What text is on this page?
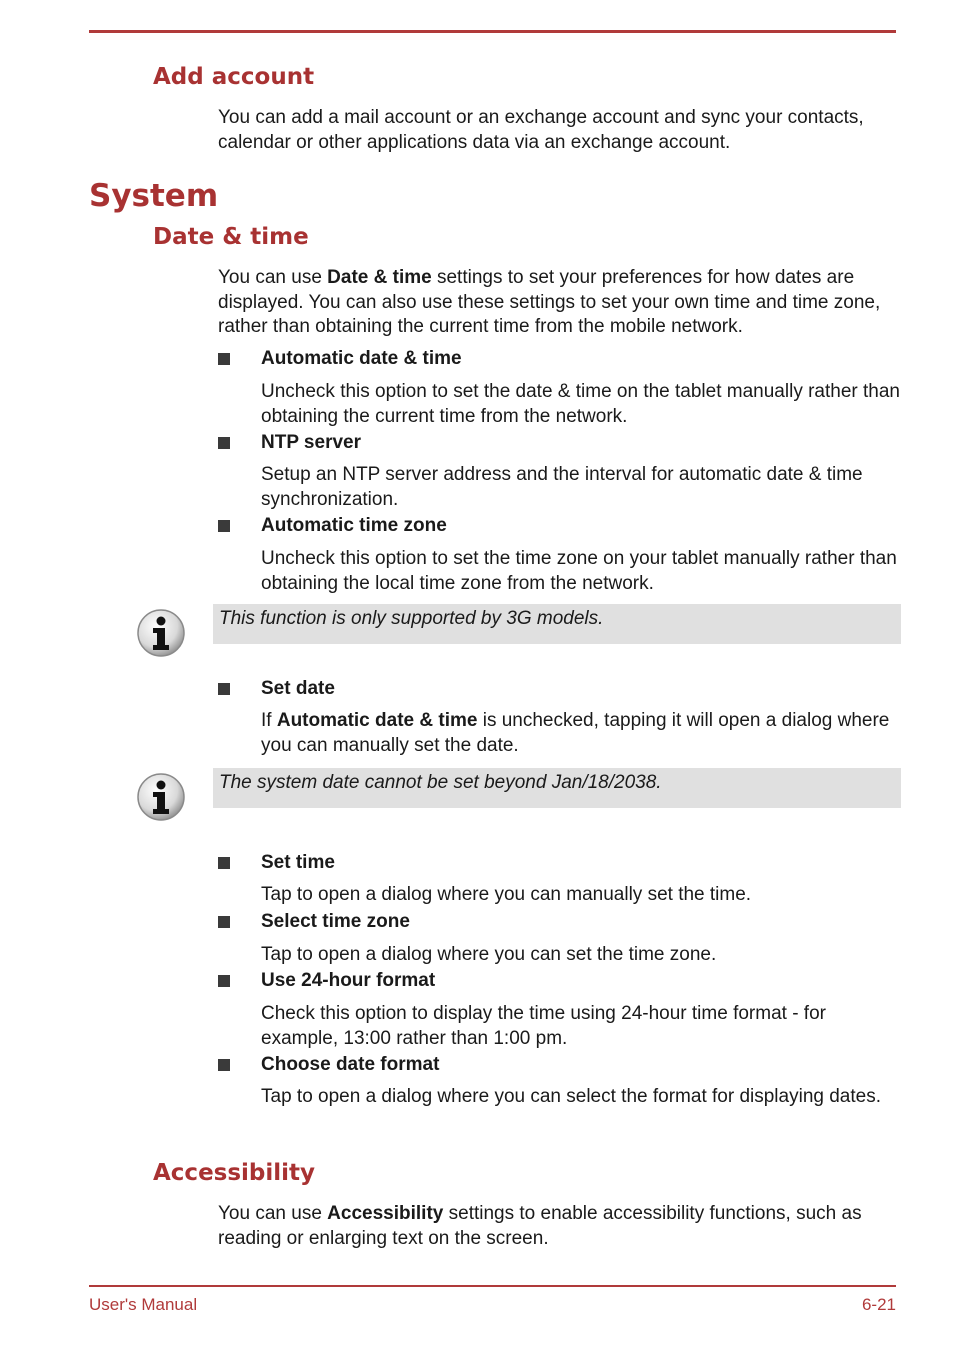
Add account

You can add a mail account or an exchange account and sync your contacts, calendar or other applications data via an exchange account.

System
Date & time

You can use Date & time settings to set your preferences for how dates are displayed. You can also use these settings to set your own time and time zone, rather than obtaining the current time from the mobile network.

Automatic date & time

Uncheck this option to set the date & time on the tablet manually rather than obtaining the current time from the network.

NTP server

Setup an NTP server address and the interval for automatic date & time synchronization.

Automatic time zone

Uncheck this option to set the time zone on your tablet manually rather than obtaining the local time zone from the network.

This function is only supported by 3G models.
Set date

If Automatic date & time is unchecked, tapping it will open a dialog where you can manually set the date.

The system date cannot be set beyond Jan/18/2038.
Set time

Tap to open a dialog where you can manually set the time.

Select time zone

Tap to open a dialog where you can set the time zone.

Use 24-hour format

Check this option to display the time using 24-hour time format - for example, 13:00 rather than 1:00 pm.

Choose date format

Tap to open a dialog where you can select the format for displaying dates.

Accessibility

You can use Accessibility settings to enable accessibility functions, such as reading or enlarging text on the screen.

User's Manual	6-21
